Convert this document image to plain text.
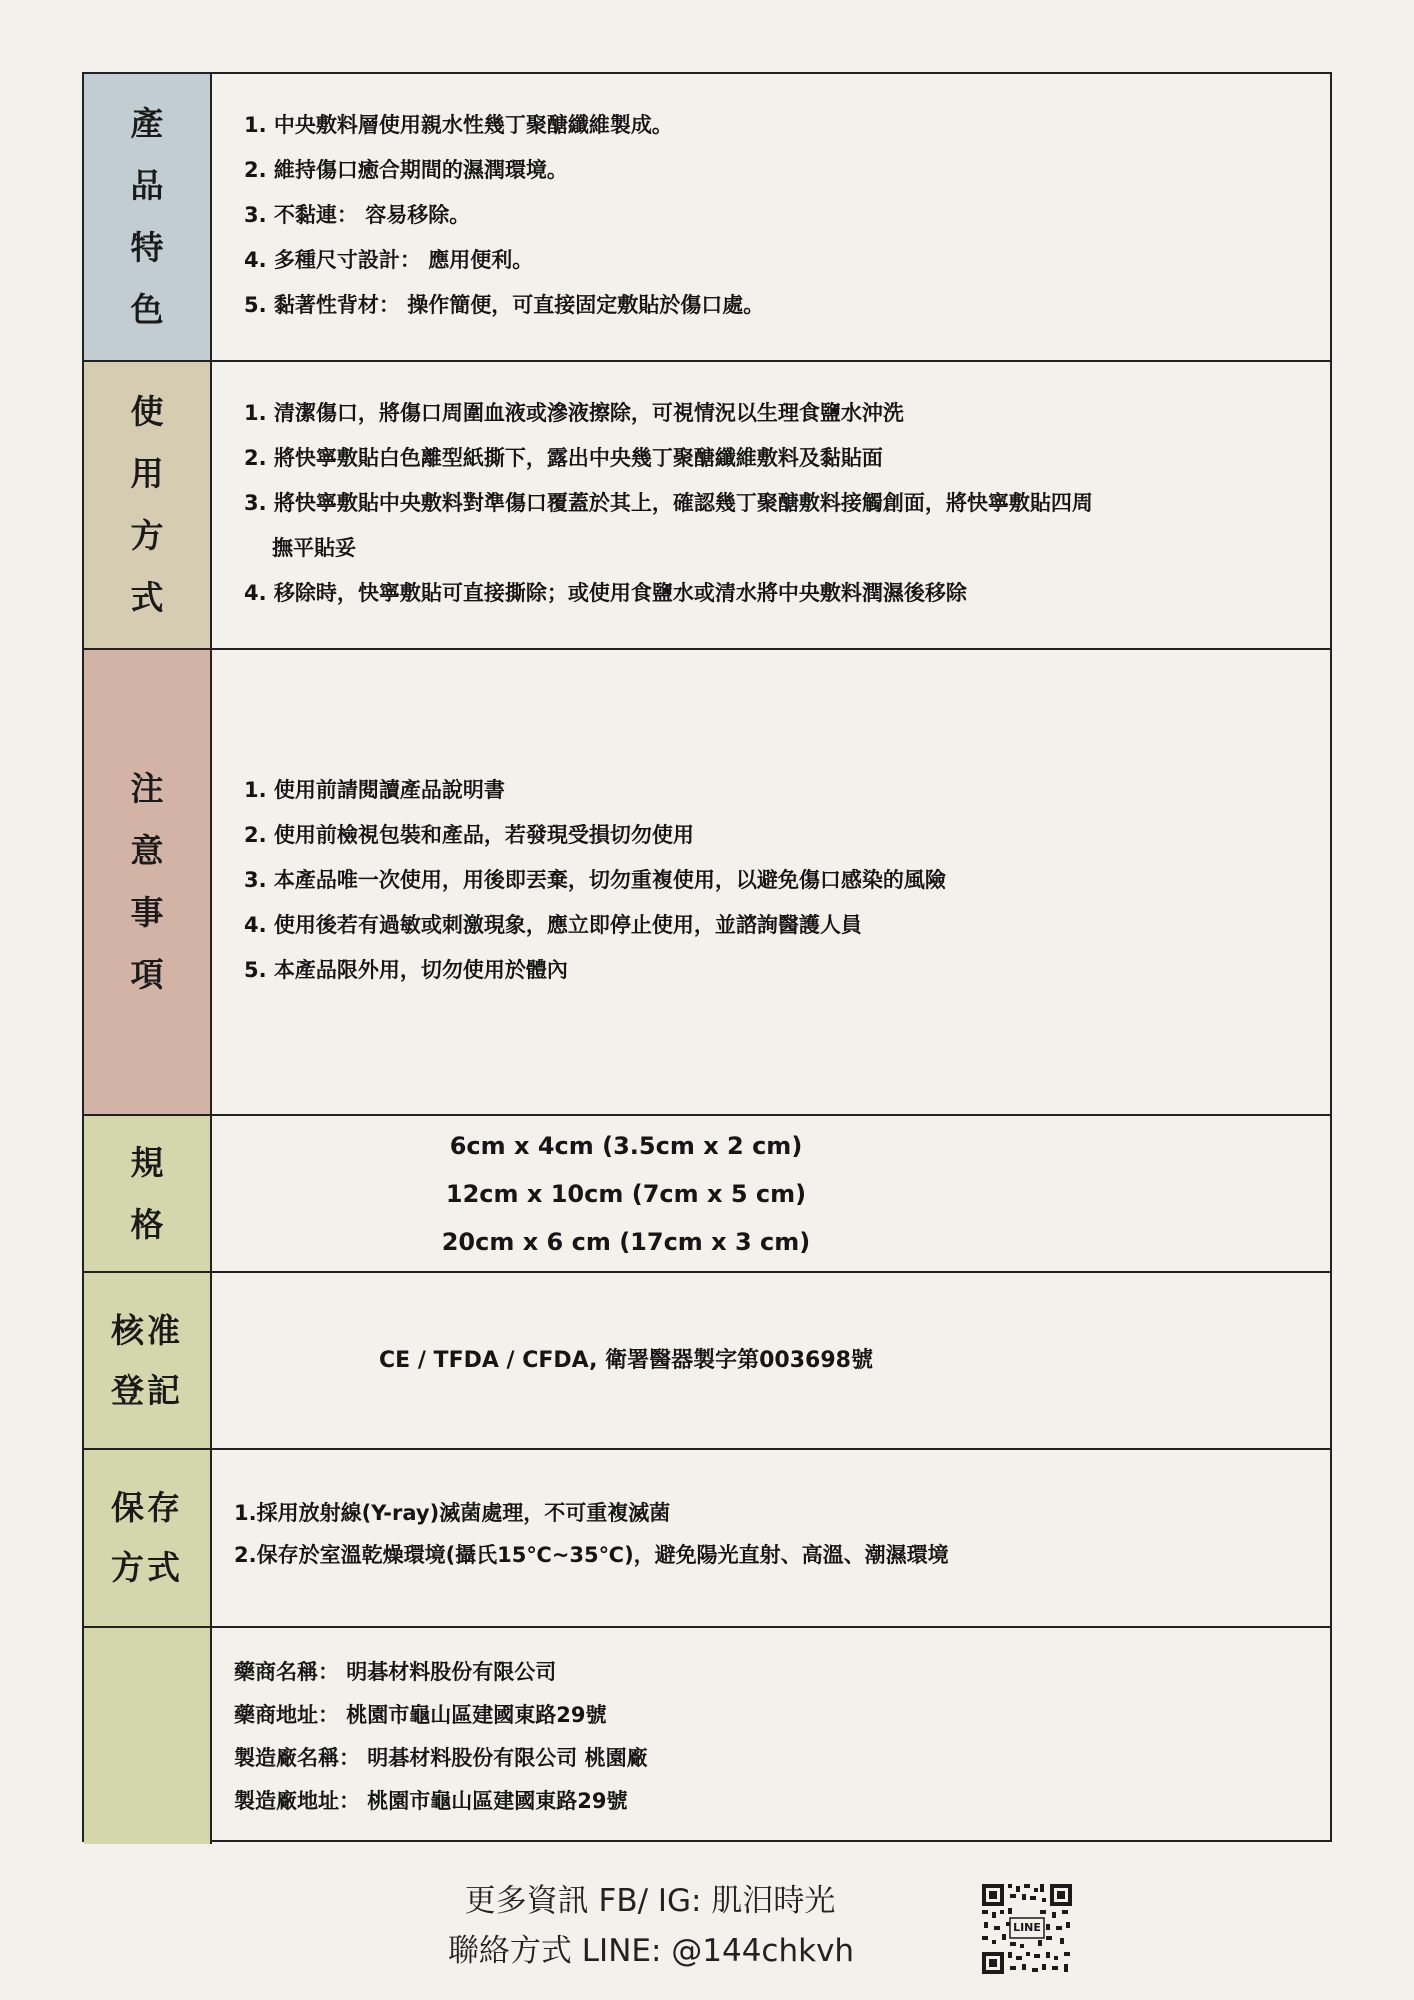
產
品
特
色
1. 中央敷料層使用親水性幾丁聚醣纖維製成。
2. 維持傷口癒合期間的濕潤環境。
3. 不黏連： 容易移除。
4. 多種尺寸設計： 應用便利。
5. 黏著性背材： 操作簡便，可直接固定敷貼於傷口處。
使
用
方
式
1. 清潔傷口，將傷口周圍血液或滲液擦除，可視情況以生理食鹽水沖洗
2. 將快寧敷貼白色離型紙撕下，露出中央幾丁聚醣纖維敷料及黏貼面
3. 將快寧敷貼中央敷料對準傷口覆蓋於其上，確認幾丁聚醣敷料接觸創面，將快寧敷貼四周
撫平貼妥
4. 移除時，快寧敷貼可直接撕除；或使用食鹽水或清水將中央敷料潤濕後移除
注
意
事
項
1. 使用前請閱讀產品說明書
2. 使用前檢視包裝和產品，若發現受損切勿使用
3. 本產品唯一次使用，用後即丟棄，切勿重複使用，以避免傷口感染的風險
4. 使用後若有過敏或刺激現象，應立即停止使用，並諮詢醫護人員
5. 本產品限外用，切勿使用於體內
規
格
6cm x 4cm (3.5cm x 2 cm)
12cm x 10cm (7cm x 5 cm)
20cm x 6 cm (17cm x 3 cm)
核准
登記
CE / TFDA / CFDA, 衛署醫器製字第003698號
保存
方式
1.採用放射線(Y-ray)滅菌處理，不可重複滅菌
2.保存於室溫乾燥環境(攝氏15℃~35℃)，避免陽光直射、高溫、潮濕環境
藥商名稱： 明碁材料股份有限公司
藥商地址： 桃園市龜山區建國東路29號
製造廠名稱： 明碁材料股份有限公司 桃園廠
製造廠地址： 桃園市龜山區建國東路29號
更多資訊 FB/ IG: 肌汨時光
聯絡方式 LINE: @144chkvh
LINE
